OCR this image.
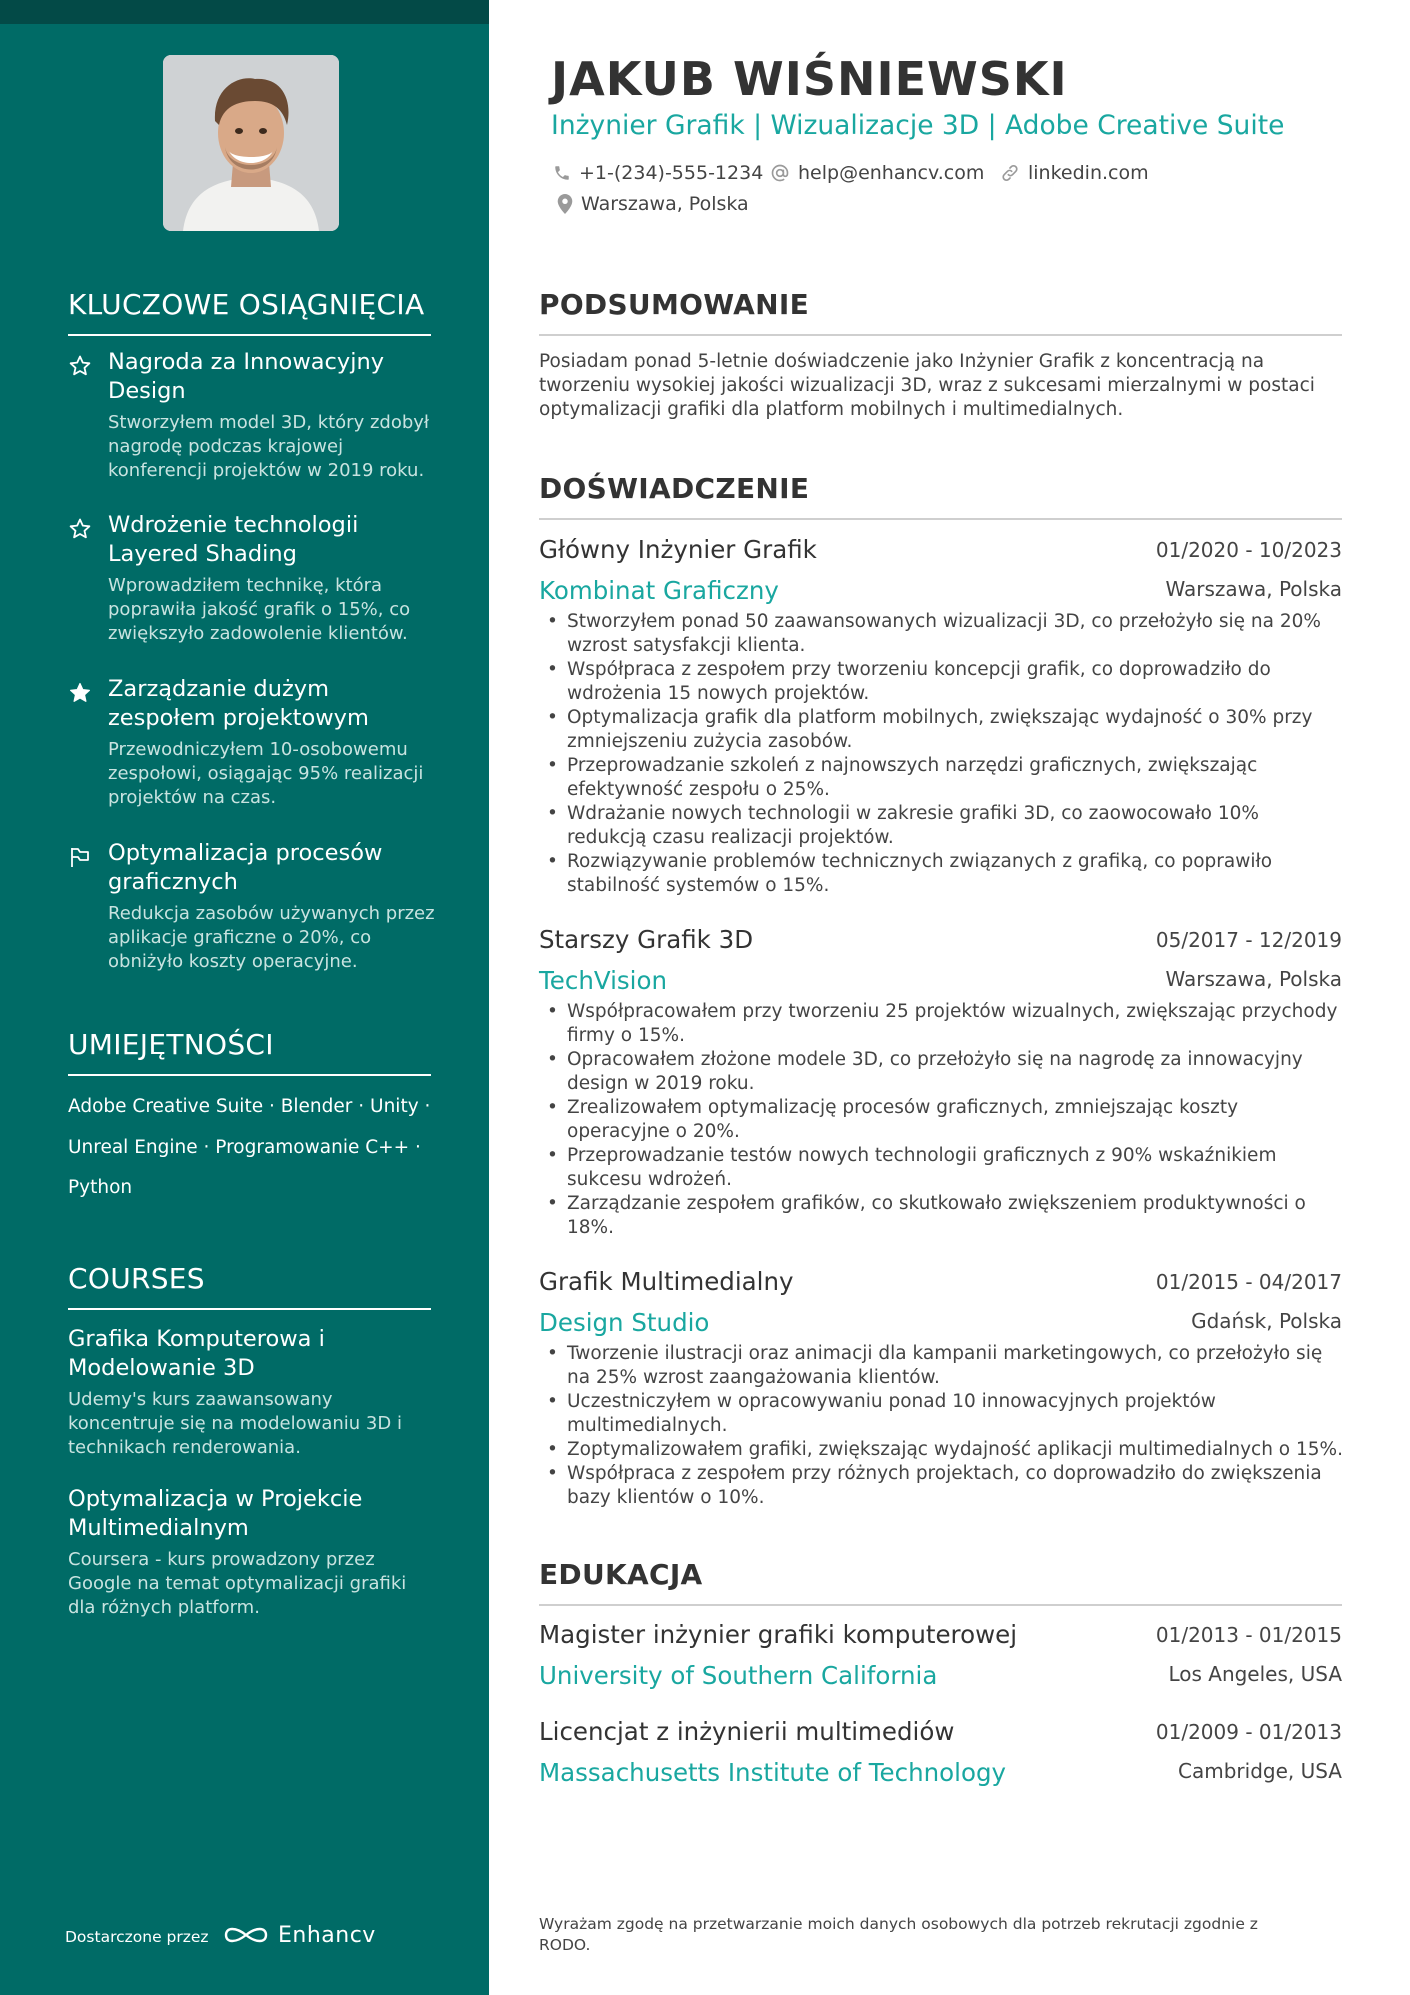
KLUCZOWE OSIĄGNIĘCIA
Nagroda za Innowacyjny Design
Stworzyłem model 3D, który zdobył nagrodę podczas krajowej konferencji projektów w 2019 roku.
Wdrożenie technologii Layered Shading
Wprowadziłem technikę, która poprawiła jakość grafik o 15%, co zwiększyło zadowolenie klientów.
Zarządzanie dużym zespołem projektowym
Przewodniczyłem 10-osobowemu zespołowi, osiągając 95% realizacji projektów na czas.
Optymalizacja procesów graficznych
Redukcja zasobów używanych przez aplikacje graficzne o 20%, co obniżyło koszty operacyjne.
UMIEJĘTNOŚCI
Adobe Creative Suite · Blender · Unity ·
Unreal Engine · Programowanie C++ ·
Python
COURSES
Grafika Komputerowa i Modelowanie 3D
Udemy's kurs zaawansowany koncentruje się na modelowaniu 3D i technikach renderowania.
Optymalizacja w Projekcie Multimedialnym
Coursera - kurs prowadzony przez Google na temat optymalizacji grafiki dla różnych platform.
Dostarczone przez	Enhancv
JAKUB WIŚNIEWSKI
Inżynier Grafik | Wizualizacje 3D | Adobe Creative Suite
+1-(234)-555-1234 help@enhancv.com linkedin.com
Warszawa, Polska
PODSUMOWANIE

Posiadam ponad 5-letnie doświadczenie jako Inżynier Grafik z koncentracją na tworzeniu wysokiej jakości wizualizacji 3D, wraz z sukcesami mierzalnymi w postaci optymalizacji grafiki dla platform mobilnych i multimedialnych.

DOŚWIADCZENIE
Główny Inżynier Grafik	01/2020 - 10/2023
Kombinat Graficzny	Warszawa, Polska
• Stworzyłem ponad 50 zaawansowanych wizualizacji 3D, co przełożyło się na 20% wzrost satysfakcji klienta.
• Współpraca z zespołem przy tworzeniu koncepcji grafik, co doprowadziło do wdrożenia 15 nowych projektów.
• Optymalizacja grafik dla platform mobilnych, zwiększając wydajność o 30% przy zmniejszeniu zużycia zasobów.
• Przeprowadzanie szkoleń z najnowszych narzędzi graficznych, zwiększając efektywność zespołu o 25%.
• Wdrażanie nowych technologii w zakresie grafiki 3D, co zaowocowało 10% redukcją czasu realizacji projektów.
• Rozwiązywanie problemów technicznych związanych z grafiką, co poprawiło stabilność systemów o 15%.
Starszy Grafik 3D	05/2017 - 12/2019
TechVision	Warszawa, Polska
• Współpracowałem przy tworzeniu 25 projektów wizualnych, zwiększając przychody firmy o 15%.
• Opracowałem złożone modele 3D, co przełożyło się na nagrodę za innowacyjny design w 2019 roku.
• Zrealizowałem optymalizację procesów graficznych, zmniejszając koszty operacyjne o 20%.
• Przeprowadzanie testów nowych technologii graficznych z 90% wskaźnikiem sukcesu wdrożeń.
• Zarządzanie zespołem grafików, co skutkowało zwiększeniem produktywności o 18%.
Grafik Multimedialny	01/2015 - 04/2017
Design Studio	Gdańsk, Polska
• Tworzenie ilustracji oraz animacji dla kampanii marketingowych, co przełożyło się na 25% wzrost zaangażowania klientów.
• Uczestniczyłem w opracowywaniu ponad 10 innowacyjnych projektów multimedialnych.
• Zoptymalizowałem grafiki, zwiększając wydajność aplikacji multimedialnych o 15%.
• Współpraca z zespołem przy różnych projektach, co doprowadziło do zwiększenia bazy klientów o 10%.
EDUKACJA
Magister inżynier grafiki komputerowej	01/2013 - 01/2015
University of Southern California	Los Angeles, USA
Licencjat z inżynierii multimediów	01/2009 - 01/2013
Massachusetts Institute of Technology	Cambridge, USA

Wyrażam zgodę na przetwarzanie moich danych osobowych dla potrzeb rekrutacji zgodnie z RODO.
